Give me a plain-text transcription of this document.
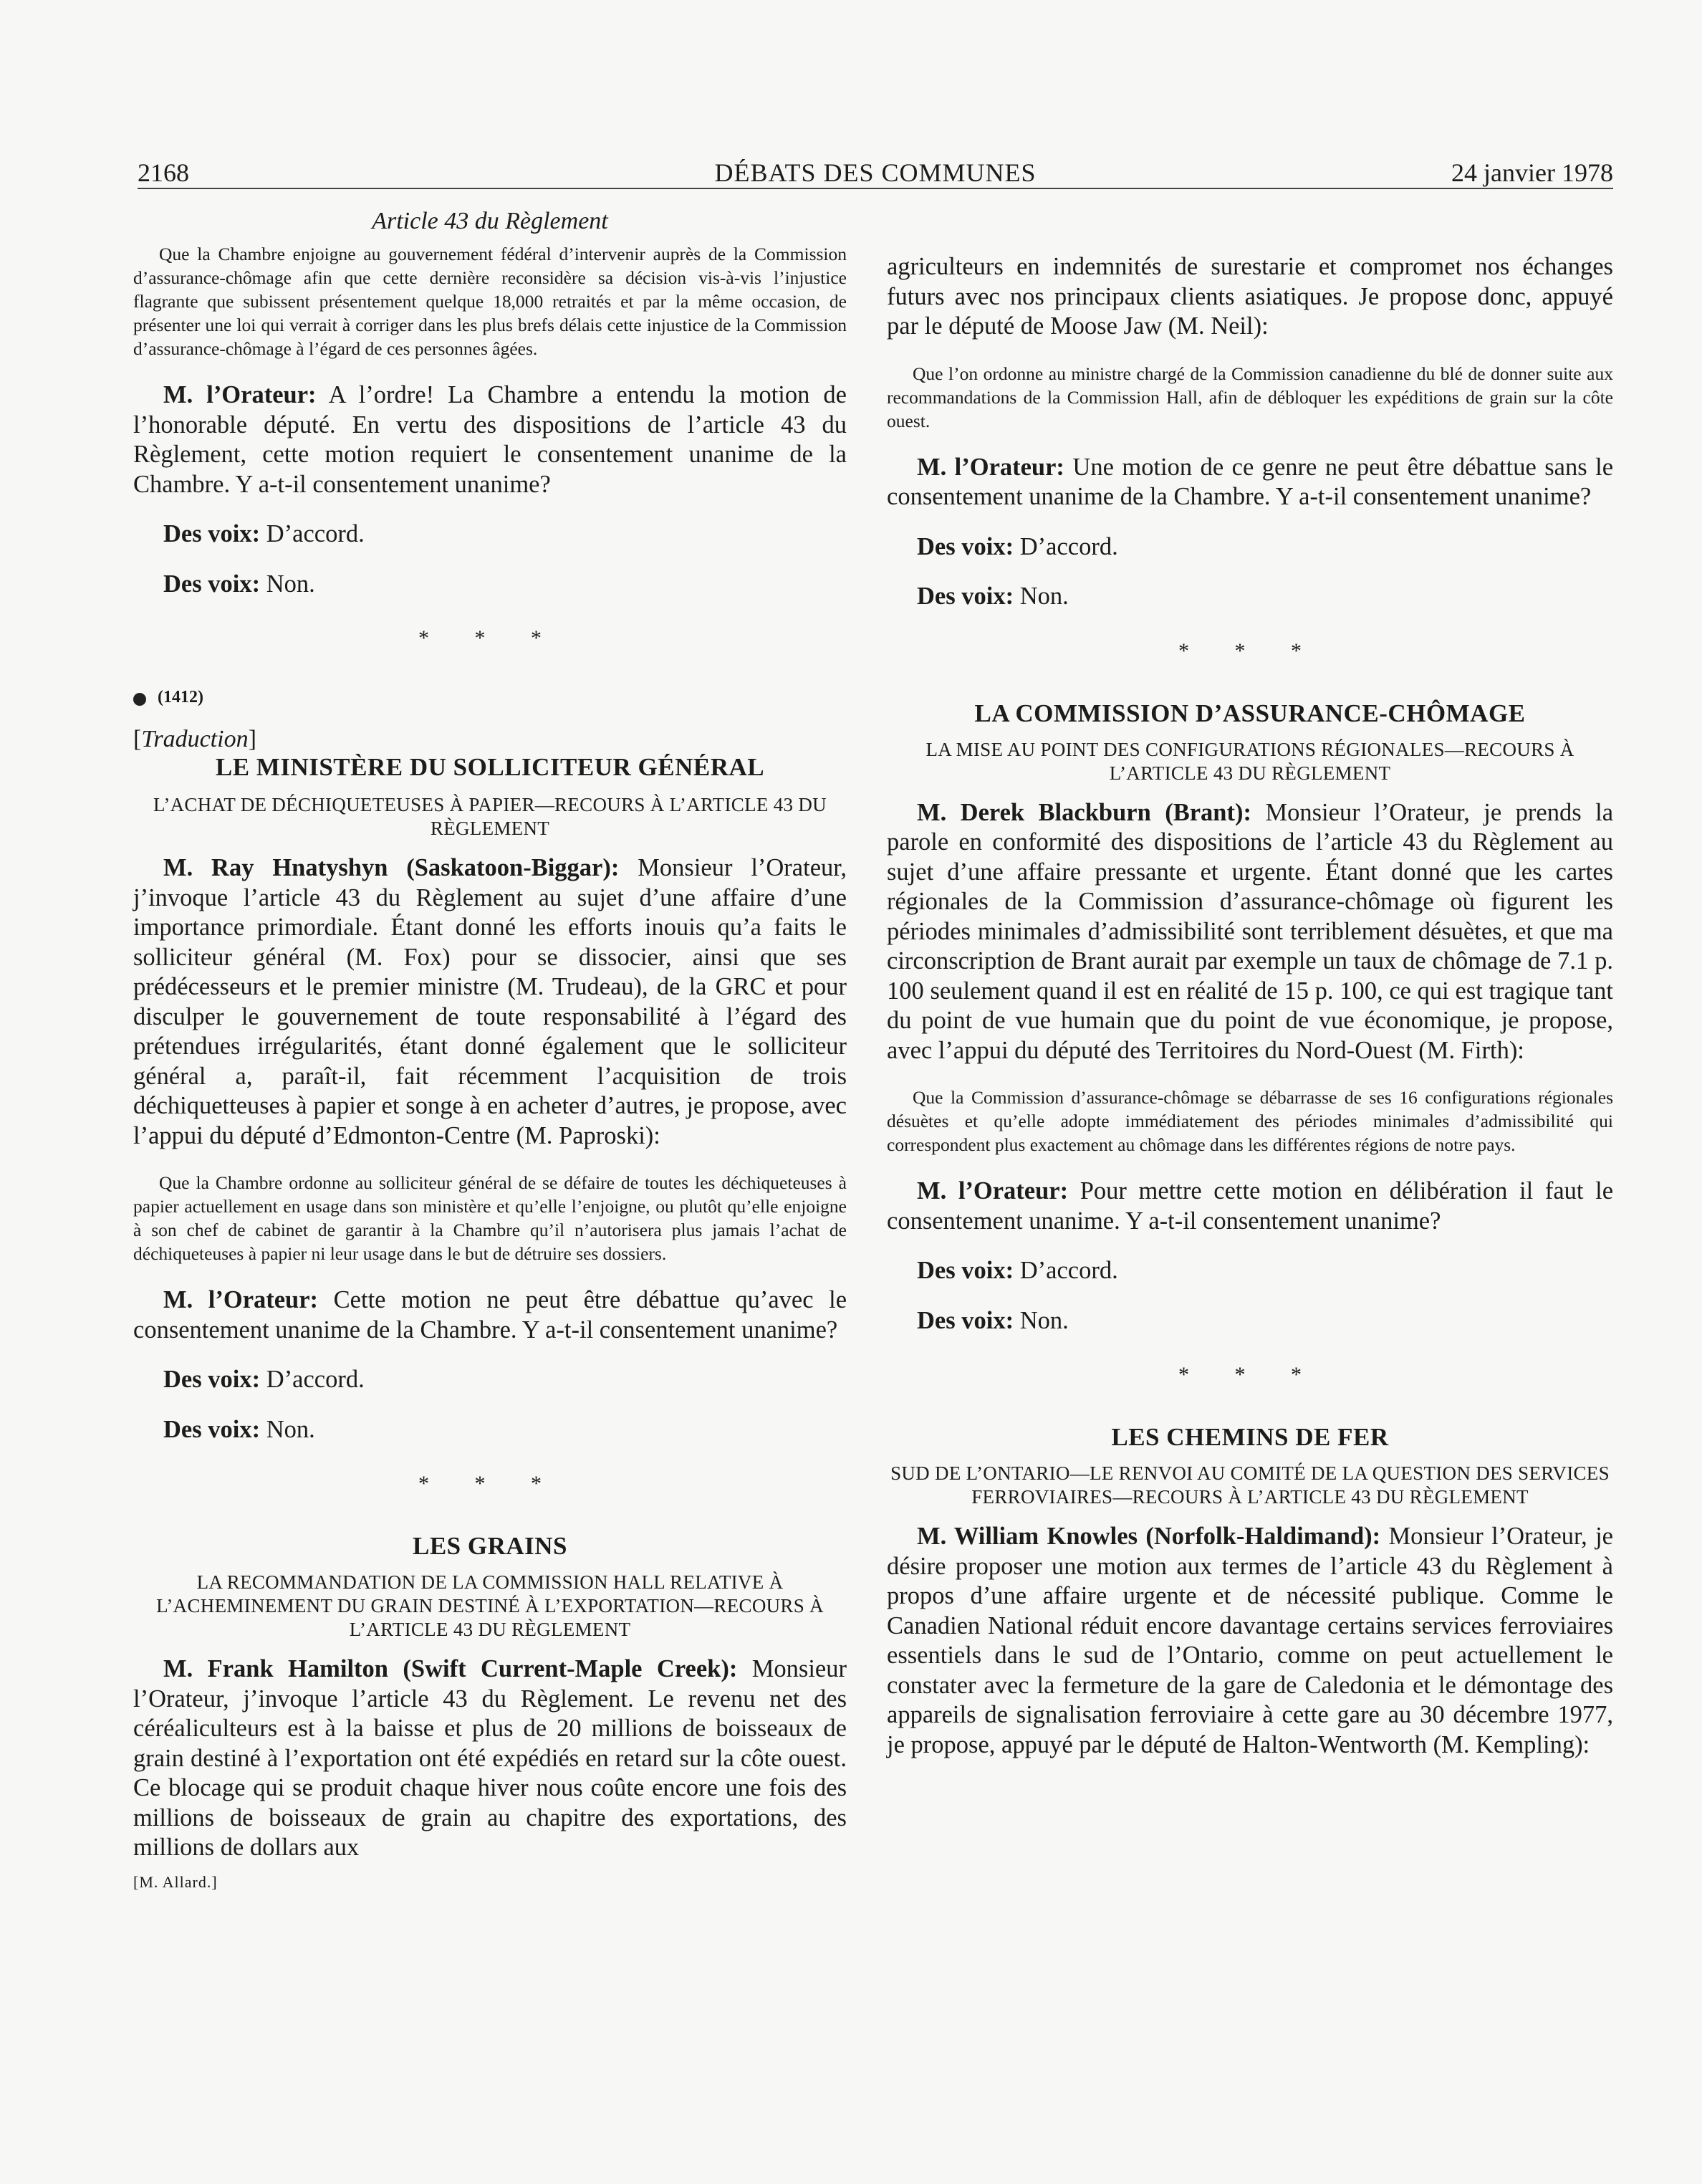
2168	DÉBATS DES COMMUNES	24 janvier 1978

Article 43 du Règlement

Que la Chambre enjoigne au gouvernement fédéral d’intervenir auprès de la Commission d’assurance-chômage afin que cette dernière reconsidère sa décision vis-à-vis l’injustice flagrante que subissent présentement quelque 18,000 retraités et par la même occasion, de présenter une loi qui verrait à corriger dans les plus brefs délais cette injustice de la Commission d’assurance-chômage à l’égard de ces personnes âgées.

M. l’Orateur: A l’ordre! La Chambre a entendu la motion de l’honorable député. En vertu des dispositions de l’article 43 du Règlement, cette motion requiert le consentement unanime de la Chambre. Y a-t-il consentement unanime?

Des voix: D’accord.

Des voix: Non.

* * *

(1412)

[Traduction]

LE MINISTÈRE DU SOLLICITEUR GÉNÉRAL

L’ACHAT DE DÉCHIQUETEUSES À PAPIER—RECOURS À L’ARTICLE 43 DU RÈGLEMENT

M. Ray Hnatyshyn (Saskatoon-Biggar): Monsieur l’Orateur, j’invoque l’article 43 du Règlement au sujet d’une affaire d’une importance primordiale. Étant donné les efforts inouis qu’a faits le solliciteur général (M. Fox) pour se dissocier, ainsi que ses prédécesseurs et le premier ministre (M. Trudeau), de la GRC et pour disculper le gouvernement de toute responsabilité à l’égard des prétendues irrégularités, étant donné également que le solliciteur général a, paraît-il, fait récemment l’acquisition de trois déchiquetteuses à papier et songe à en acheter d’autres, je propose, avec l’appui du député d’Edmonton-Centre (M. Paproski):

Que la Chambre ordonne au solliciteur général de se défaire de toutes les déchiqueteuses à papier actuellement en usage dans son ministère et qu’elle l’enjoigne, ou plutôt qu’elle enjoigne à son chef de cabinet de garantir à la Chambre qu’il n’autorisera plus jamais l’achat de déchiqueteuses à papier ni leur usage dans le but de détruire ses dossiers.

M. l’Orateur: Cette motion ne peut être débattue qu’avec le consentement unanime de la Chambre. Y a-t-il consentement unanime?

Des voix: D’accord.

Des voix: Non.

* * *

LES GRAINS

LA RECOMMANDATION DE LA COMMISSION HALL RELATIVE À L’ACHEMINEMENT DU GRAIN DESTINÉ À L’EXPORTATION—RECOURS À L’ARTICLE 43 DU RÈGLEMENT

M. Frank Hamilton (Swift Current-Maple Creek): Monsieur l’Orateur, j’invoque l’article 43 du Règlement. Le revenu net des céréaliculteurs est à la baisse et plus de 20 millions de boisseaux de grain destiné à l’exportation ont été expédiés en retard sur la côte ouest. Ce blocage qui se produit chaque hiver nous coûte encore une fois des millions de boisseaux de grain au chapitre des exportations, des millions de dollars aux

[M. Allard.]

agriculteurs en indemnités de surestarie et compromet nos échanges futurs avec nos principaux clients asiatiques. Je propose donc, appuyé par le député de Moose Jaw (M. Neil):

Que l’on ordonne au ministre chargé de la Commission canadienne du blé de donner suite aux recommandations de la Commission Hall, afin de débloquer les expéditions de grain sur la côte ouest.

M. l’Orateur: Une motion de ce genre ne peut être débattue sans le consentement unanime de la Chambre. Y a-t-il consentement unanime?

Des voix: D’accord.

Des voix: Non.

* * *

LA COMMISSION D’ASSURANCE-CHÔMAGE

LA MISE AU POINT DES CONFIGURATIONS RÉGIONALES—RECOURS À L’ARTICLE 43 DU RÈGLEMENT

M. Derek Blackburn (Brant): Monsieur l’Orateur, je prends la parole en conformité des dispositions de l’article 43 du Règlement au sujet d’une affaire pressante et urgente. Étant donné que les cartes régionales de la Commission d’assurance-chômage où figurent les périodes minimales d’admissibilité sont terriblement désuètes, et que ma circonscription de Brant aurait par exemple un taux de chômage de 7.1 p. 100 seulement quand il est en réalité de 15 p. 100, ce qui est tragique tant du point de vue humain que du point de vue économique, je propose, avec l’appui du député des Territoires du Nord-Ouest (M. Firth):

Que la Commission d’assurance-chômage se débarrasse de ses 16 configurations régionales désuètes et qu’elle adopte immédiatement des périodes minimales d’admissibilité qui correspondent plus exactement au chômage dans les différentes régions de notre pays.

M. l’Orateur: Pour mettre cette motion en délibération il faut le consentement unanime. Y a-t-il consentement unanime?

Des voix: D’accord.

Des voix: Non.

* * *

LES CHEMINS DE FER

SUD DE L’ONTARIO—LE RENVOI AU COMITÉ DE LA QUESTION DES SERVICES FERROVIAIRES—RECOURS À L’ARTICLE 43 DU RÈGLEMENT

M. William Knowles (Norfolk-Haldimand): Monsieur l’Orateur, je désire proposer une motion aux termes de l’article 43 du Règlement à propos d’une affaire urgente et de nécessité publique. Comme le Canadien National réduit encore davantage certains services ferroviaires essentiels dans le sud de l’Ontario, comme on peut actuellement le constater avec la fermeture de la gare de Caledonia et le démontage des appareils de signalisation ferroviaire à cette gare au 30 décembre 1977, je propose, appuyé par le député de Halton-Wentworth (M. Kempling):
